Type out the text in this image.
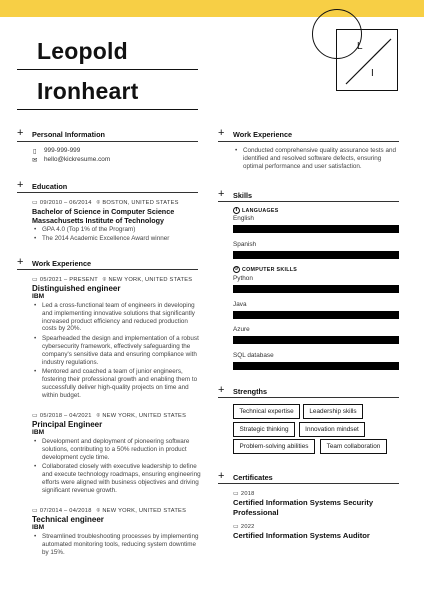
L
I
Leopold
Ironheart
+ Personal Information
▯ 999-999-999
✉ hello@kickresume.com
+ Education
▭ 09/2010 – 06/2014 ⌾ BOSTON, UNITED STATES
Bachelor of Science in Computer Science
Massachusetts Institute of Technology
• GPA 4.0 (Top 1% of the Program)
• The 2014 Academic Excellence Award winner
+ Work Experience
▭ 05/2021 – PRESENT ⌾ NEW YORK, UNITED STATES
Distinguished engineer
IBM
• Led a cross-functional team of engineers in developing and implementing innovative solutions that significantly increased product efficiency and reduced production costs by 20%.
• Spearheaded the design and implementation of a robust cybersecurity framework, effectively safeguarding the company's sensitive data and ensuring compliance with industry regulations.
• Mentored and coached a team of junior engineers, fostering their professional growth and enabling them to successfully deliver high-quality projects on time and within budget.
▭ 05/2018 – 04/2021 ⌾ NEW YORK, UNITED STATES
Principal Engineer
IBM
• Development and deployment of pioneering software solutions, contributing to a 50% reduction in product development cycle time.
• Collaborated closely with executive leadership to define and execute technology roadmaps, ensuring engineering efforts were aligned with business objectives and driving significant revenue growth.
▭ 07/2014 – 04/2018 ⌾ NEW YORK, UNITED STATES
Technical engineer
IBM
• Streamlined troubleshooting processes by implementing automated monitoring tools, reducing system downtime by 15%.
+ Work Experience
• Conducted comprehensive quality assurance tests and identified and resolved software defects, ensuring optimal performance and user satisfaction.
+ Skills
i LANGUAGES
English
Spanish
⚙ COMPUTER SKILLS
Python
Java
Azure
SQL database
+ Strengths
Technical expertise	Leadership skills
Strategic thinking	Innovation mindset
Problem-solving abilities	Team collaboration
+ Certificates
▭ 2018
Certified Information Systems Security Professional
▭ 2022
Certified Information Systems Auditor
